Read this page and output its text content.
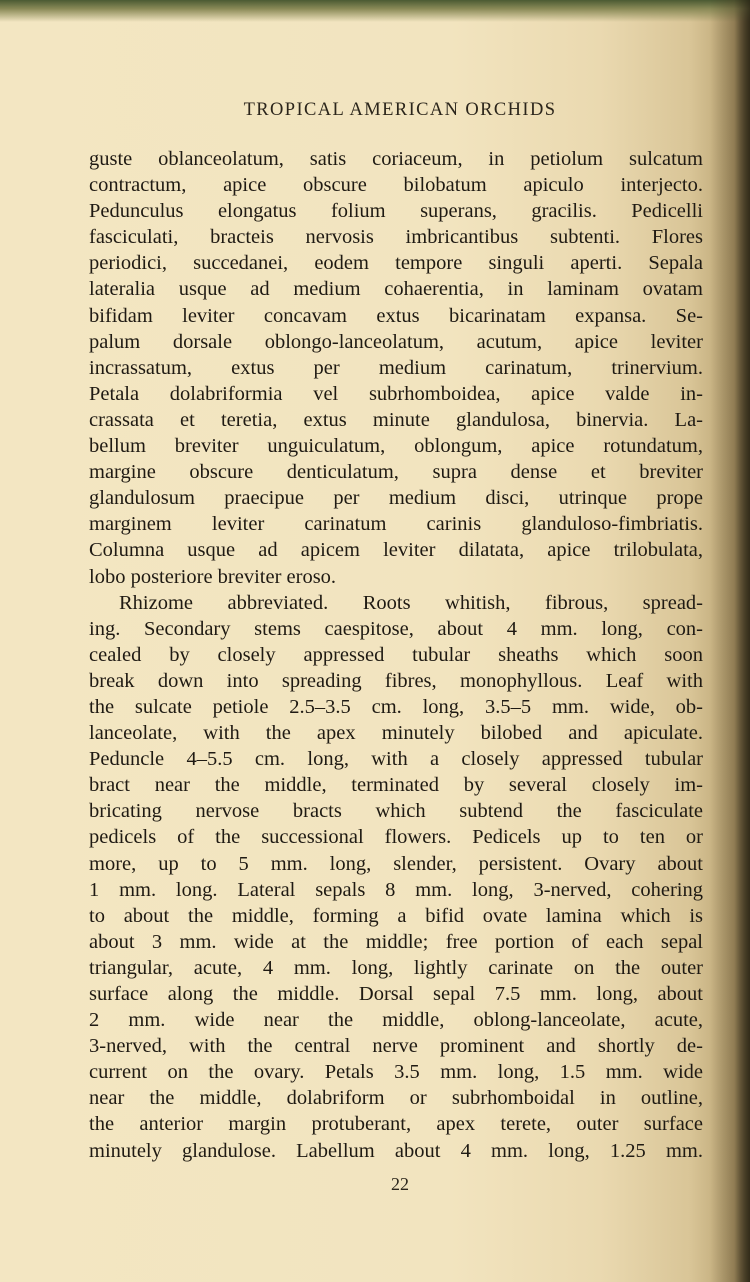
TROPICAL AMERICAN ORCHIDS
guste oblanceolatum, satis coriaceum, in petiolum sulcatum
contractum, apice obscure bilobatum apiculo interjecto.
Pedunculus elongatus folium superans, gracilis. Pedicelli
fasciculati, bracteis nervosis imbricantibus subtenti. Flores
periodici, succedanei, eodem tempore singuli aperti. Sepala
lateralia usque ad medium cohaerentia, in laminam ovatam
bifidam leviter concavam extus bicarinatam expansa. Se-
palum dorsale oblongo-lanceolatum, acutum, apice leviter
incrassatum, extus per medium carinatum, trinervium.
Petala dolabriformia vel subrhomboidea, apice valde in-
crassata et teretia, extus minute glandulosa, binervia. La-
bellum breviter unguiculatum, oblongum, apice rotundatum,
margine obscure denticulatum, supra dense et breviter
glandulosum praecipue per medium disci, utrinque prope
marginem leviter carinatum carinis glanduloso-fimbriatis.
Columna usque ad apicem leviter dilatata, apice trilobulata,
lobo posteriore breviter eroso.
Rhizome abbreviated. Roots whitish, fibrous, spread-
ing. Secondary stems caespitose, about 4 mm. long, con-
cealed by closely appressed tubular sheaths which soon
break down into spreading fibres, monophyllous. Leaf with
the sulcate petiole 2.5–3.5 cm. long, 3.5–5 mm. wide, ob-
lanceolate, with the apex minutely bilobed and apiculate.
Peduncle 4–5.5 cm. long, with a closely appressed tubular
bract near the middle, terminated by several closely im-
bricating nervose bracts which subtend the fasciculate
pedicels of the successional flowers. Pedicels up to ten or
more, up to 5 mm. long, slender, persistent. Ovary about
1 mm. long. Lateral sepals 8 mm. long, 3-nerved, cohering
to about the middle, forming a bifid ovate lamina which is
about 3 mm. wide at the middle; free portion of each sepal
triangular, acute, 4 mm. long, lightly carinate on the outer
surface along the middle. Dorsal sepal 7.5 mm. long, about
2 mm. wide near the middle, oblong-lanceolate, acute,
3-nerved, with the central nerve prominent and shortly de-
current on the ovary. Petals 3.5 mm. long, 1.5 mm. wide
near the middle, dolabriform or subrhomboidal in outline,
the anterior margin protuberant, apex terete, outer surface
minutely glandulose. Labellum about 4 mm. long, 1.25 mm.
22
